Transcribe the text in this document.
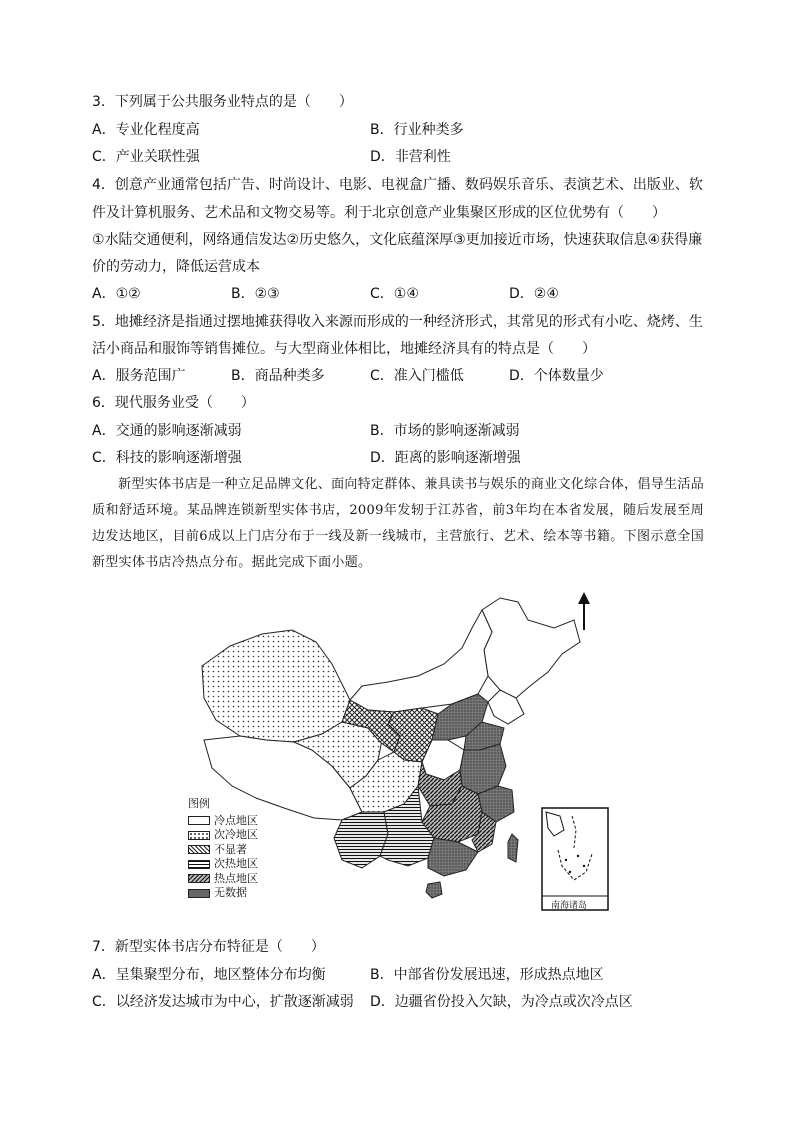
3．下列属于公共服务业特点的是（　　）
A．专业化程度高	B．行业种类多
C．产业关联性强	D．非营利性
4．创意产业通常包括广告、时尚设计、电影、电视盒广播、数码娱乐音乐、表演艺术、出版业、软
件及计算机服务、艺术品和文物交易等。利于北京创意产业集聚区形成的区位优势有（　　）
①水陆交通便利，网络通信发达②历史悠久，文化底蕴深厚③更加接近市场，快速获取信息④获得廉
价的劳动力，降低运营成本
A．①②	B．②③	C．①④	D．②④
5．地摊经济是指通过摆地摊获得收入来源而形成的一种经济形式，其常见的形式有小吃、烧烤、生
活小商品和服饰等销售摊位。与大型商业体相比，地摊经济具有的特点是（　　）
A．服务范围广	B．商品种类多	C．准入门槛低	D．个体数量少
6．现代服务业受（　　）
A．交通的影响逐渐减弱	B．市场的影响逐渐减弱
C．科技的影响逐渐增强	D．距离的影响逐渐增强

新型实体书店是一种立足品牌文化、面向特定群体、兼具读书与娱乐的商业文化综合体，倡导生活品质和舒适环境。某品牌连锁新型实体书店，2009年发轫于江苏省，前3年均在本省发展，随后发展至周边发达地区，目前6成以上门店分布于一线及新一线城市，主营旅行、艺术、绘本等书籍。下图示意全国新型实体书店冷热点分布。据此完成下面小题。

南海诸岛
图例
冷点地区
次冷地区
不显著
次热地区
热点地区
无数据
7．新型实体书店分布特征是（　　）
A．呈集聚型分布，地区整体分布均衡	B．中部省份发展迅速，形成热点地区
C．以经济发达城市为中心，扩散逐渐减弱 D．边疆省份投入欠缺，为冷点或次冷点区
